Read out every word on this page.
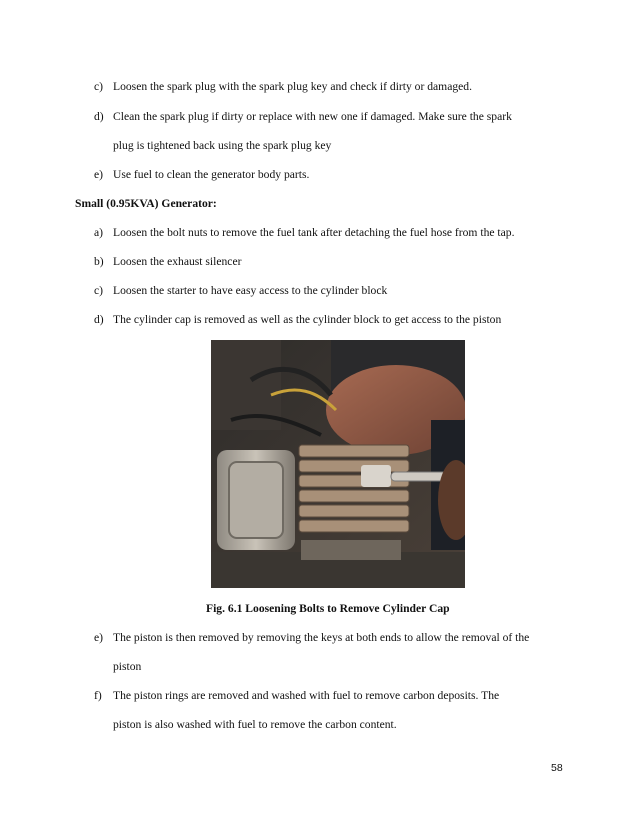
c) Loosen the spark plug with the spark plug key and check if dirty or damaged.
d) Clean the spark plug if dirty or replace with new one if damaged. Make sure the spark
plug is tightened back using the spark plug key
e) Use fuel to clean the generator body parts.
Small (0.95KVA) Generator:
a) Loosen the bolt nuts to remove the fuel tank after detaching the fuel hose from the tap.
b) Loosen the exhaust silencer
c) Loosen the starter to have easy access to the cylinder block
d) The cylinder cap is removed as well as the cylinder block to get access to the piston
Fig. 6.1 Loosening Bolts to Remove Cylinder Cap
e) The piston is then removed by removing the keys at both ends to allow the removal of the
piston
f) The piston rings are removed and washed with fuel to remove carbon deposits. The
piston is also washed with fuel to remove the carbon content.
58
